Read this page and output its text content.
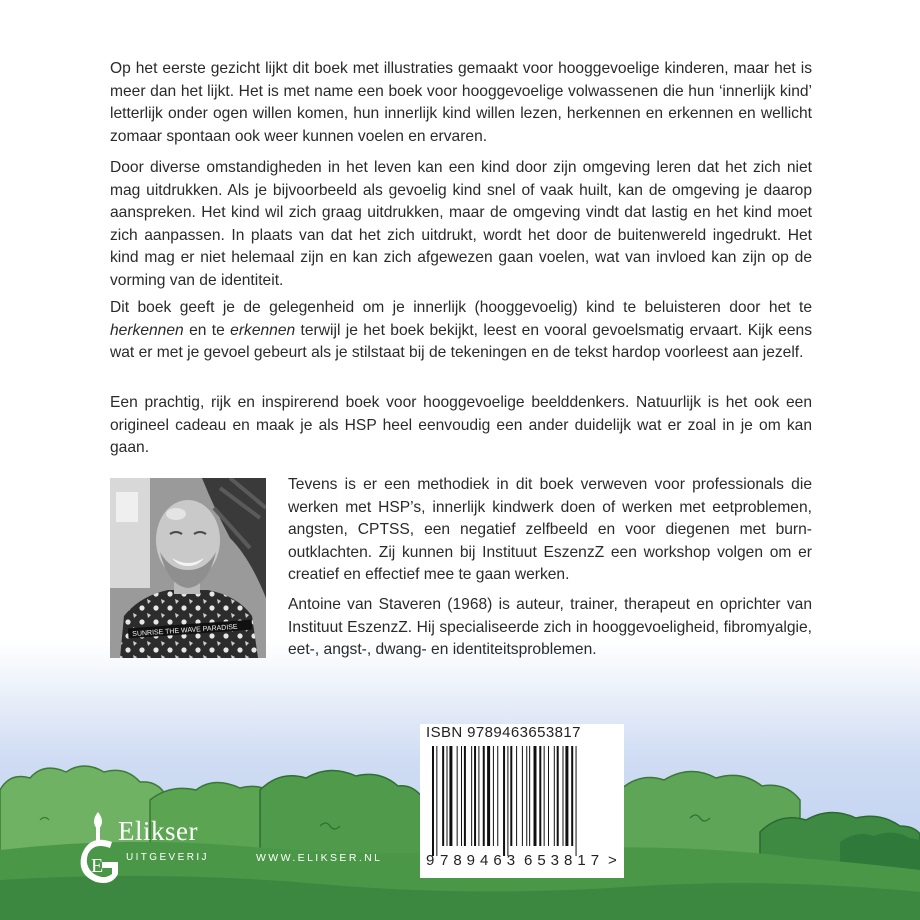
Op het eerste gezicht lijkt dit boek met illustraties gemaakt voor hooggevoelige kinderen, maar het is meer dan het lijkt. Het is met name een boek voor hooggevoelige volwassenen die hun ‘innerlijk kind’ letterlijk onder ogen willen komen, hun innerlijk kind willen lezen, herkennen en erkennen en wellicht zomaar spontaan ook weer kunnen voelen en ervaren.

Door diverse omstandigheden in het leven kan een kind door zijn omgeving leren dat het zich niet mag uitdrukken. Als je bijvoorbeeld als gevoelig kind snel of vaak huilt, kan de omgeving je daarop aanspreken. Het kind wil zich graag uitdrukken, maar de omgeving vindt dat lastig en het kind moet zich aanpassen. In plaats van dat het zich uitdrukt, wordt het door de buitenwereld ingedrukt. Het kind mag er niet helemaal zijn en kan zich afgewezen gaan voelen, wat van invloed kan zijn op de vorming van de identiteit.

Dit boek geeft je de gelegenheid om je innerlijk (hooggevoelig) kind te beluisteren door het te herkennen en te erkennen terwijl je het boek bekijkt, leest en vooral gevoelsmatig ervaart. Kijk eens wat er met je gevoel gebeurt als je stilstaat bij de tekeningen en de tekst hardop voorleest aan jezelf.

Een prachtig, rijk en inspirerend boek voor hooggevoelige beelddenkers. Natuurlijk is het ook een origineel cadeau en maak je als HSP heel eenvoudig een ander duidelijk wat er zoal in je om kan gaan.

SUNRISE THE WAVE PARADISE

Tevens is er een methodiek in dit boek verweven voor professionals die werken met HSP’s, innerlijk kindwerk doen of werken met eetproblemen, angsten, CPTSS, een negatief zelfbeeld en voor diegenen met burn-outklachten. Zij kunnen bij Instituut EszenzZ een workshop volgen om er creatief en effectief mee te gaan werken.

Antoine van Staveren (1968) is auteur, trainer, therapeut en oprichter van Instituut EszenzZ. Hij specialiseerde zich in hooggevoeligheid, fibromyalgie, eet-, angst-, dwang- en identiteitsproblemen.

ISBN 9789463653817
9 789463 653817 >
E
Elikser
UITGEVERIJ	WWW.ELIKSER.NL
